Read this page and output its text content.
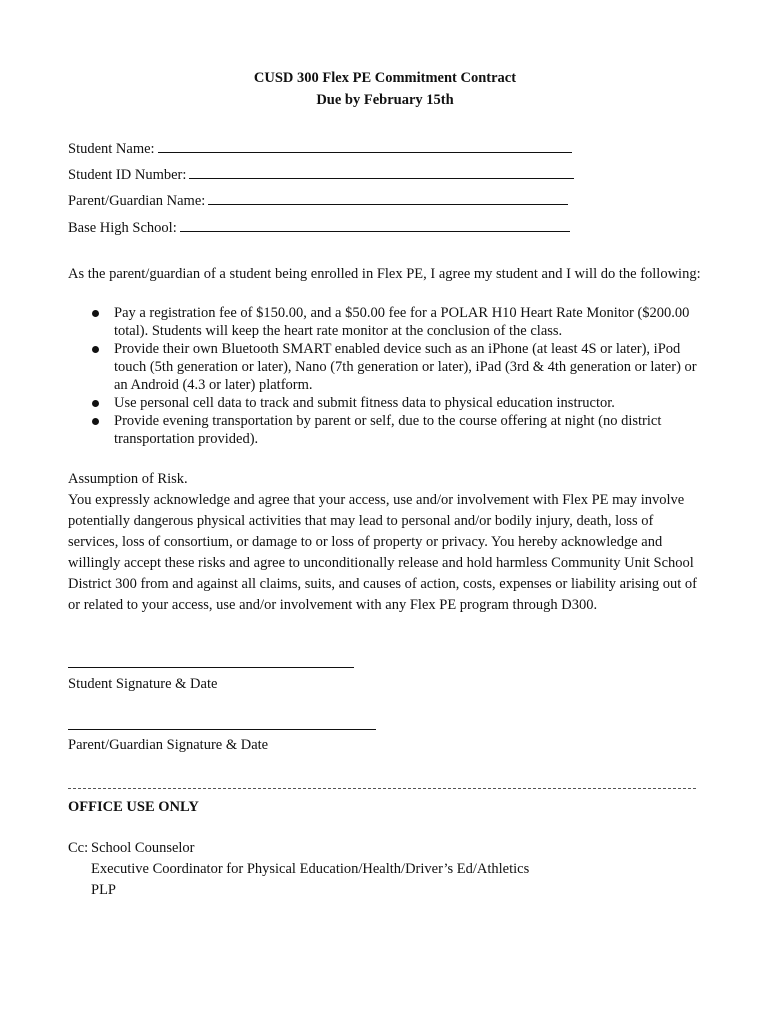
CUSD 300 Flex PE Commitment Contract
Due by February 15th
Student Name:
Student ID Number:
Parent/Guardian Name:
Base High School:
As the parent/guardian of a student being enrolled in Flex PE, I agree my student and I will do the following:
Pay a registration fee of $150.00, and a $50.00 fee for a POLAR H10 Heart Rate Monitor ($200.00 total). Students will keep the heart rate monitor at the conclusion of the class.
Provide their own Bluetooth SMART enabled device such as an iPhone (at least 4S or later), iPod touch (5th generation or later), Nano (7th generation or later), iPad (3rd & 4th generation or later) or an Android (4.3 or later) platform.
Use personal cell data to track and submit fitness data to physical education instructor.
Provide evening transportation by parent or self, due to the course offering at night (no district transportation provided).
Assumption of Risk.
You expressly acknowledge and agree that your access, use and/or involvement with Flex PE may involve potentially dangerous physical activities that may lead to personal and/or bodily injury, death, loss of services, loss of consortium, or damage to or loss of property or privacy. You hereby acknowledge and willingly accept these risks and agree to unconditionally release and hold harmless Community Unit School District 300 from and against all claims, suits, and causes of action, costs, expenses or liability arising out of or related to your access, use and/or involvement with any Flex PE program through D300.
Student Signature & Date
Parent/Guardian Signature & Date
OFFICE USE ONLY
Cc: School Counselor
Executive Coordinator for Physical Education/Health/Driver’s Ed/Athletics
PLP
